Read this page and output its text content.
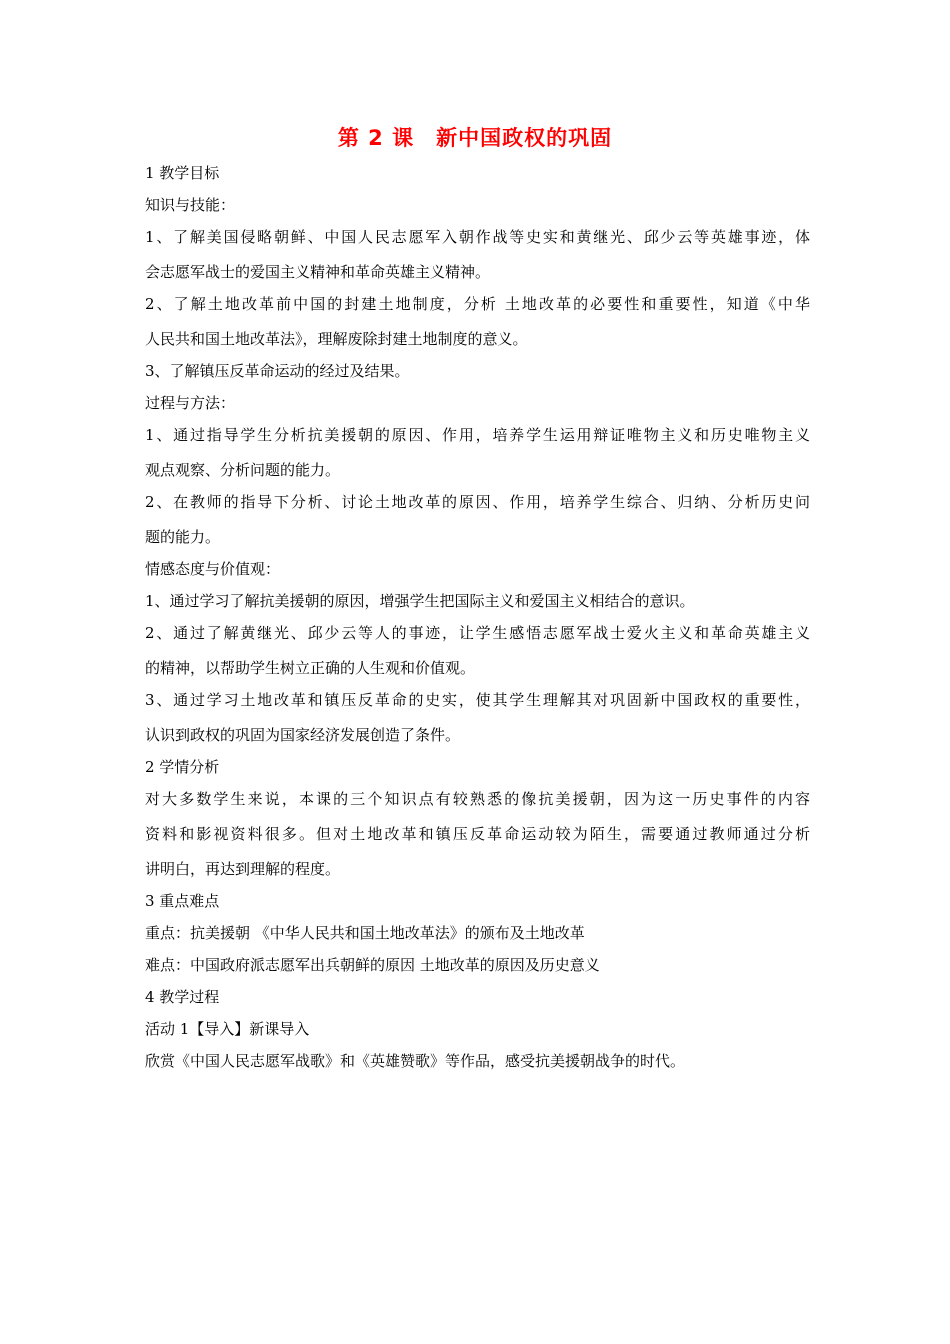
第 2 课　新中国政权的巩固
1 教学目标
知识与技能：
1、了解美国侵略朝鲜、中国人民志愿军入朝作战等史实和黄继光、邱少云等英雄事迹，体
会志愿军战士的爱国主义精神和革命英雄主义精神。
2、了解土地改革前中国的封建土地制度，分析 土地改革的必要性和重要性，知道《中华
人民共和国土地改革法》，理解废除封建土地制度的意义。
3、了解镇压反革命运动的经过及结果。
过程与方法：
1、通过指导学生分析抗美援朝的原因、作用，培养学生运用辩证唯物主义和历史唯物主义
观点观察、分析问题的能力。
2、在教师的指导下分析、讨论土地改革的原因、作用，培养学生综合、归纳、分析历史问
题的能力。
情感态度与价值观：
1、通过学习了解抗美援朝的原因，增强学生把国际主义和爱国主义相结合的意识。
2、通过了解黄继光、邱少云等人的事迹，让学生感悟志愿军战士爱火主义和革命英雄主义
的精神，以帮助学生树立正确的人生观和价值观。
3、通过学习土地改革和镇压反革命的史实，使其学生理解其对巩固新中国政权的重要性，
认识到政权的巩固为国家经济发展创造了条件。
2 学情分析
对大多数学生来说，本课的三个知识点有较熟悉的像抗美援朝，因为这一历史事件的内容
资料和影视资料很多。但对土地改革和镇压反革命运动较为陌生，需要通过教师通过分析
讲明白，再达到理解的程度。
3 重点难点
重点：抗美援朝 《中华人民共和国土地改革法》的颁布及土地改革
难点：中国政府派志愿军出兵朝鲜的原因 土地改革的原因及历史意义
4 教学过程
活动 1【导入】新课导入
欣赏《中国人民志愿军战歌》和《英雄赞歌》等作品，感受抗美援朝战争的时代。
